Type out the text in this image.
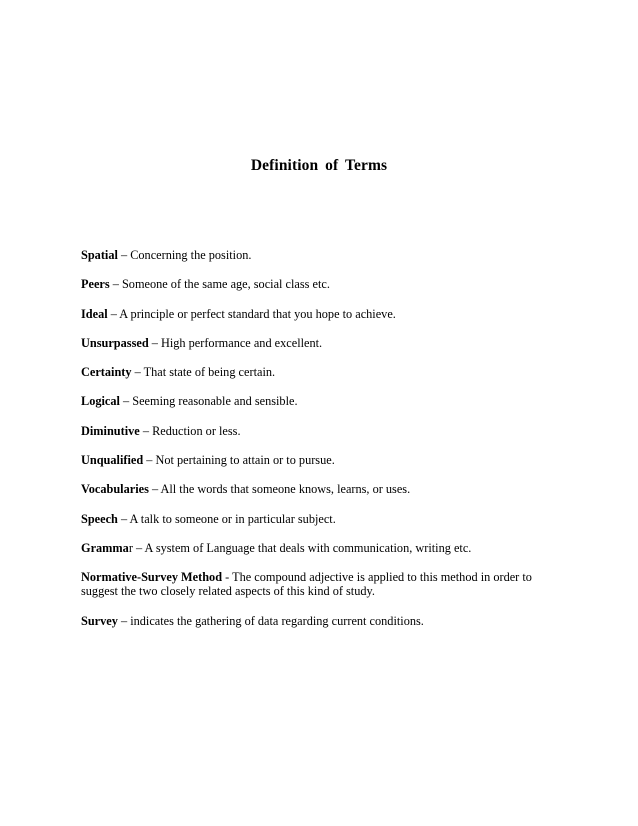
Definition of Terms
Spatial – Concerning the position.
Peers – Someone of the same age, social class etc.
Ideal – A principle or perfect standard that you hope to achieve.
Unsurpassed – High performance and excellent.
Certainty – That state of being certain.
Logical – Seeming reasonable and sensible.
Diminutive – Reduction or less.
Unqualified – Not pertaining to attain or to pursue.
Vocabularies – All the words that someone knows, learns, or uses.
Speech – A talk to someone or in particular subject.
Grammar – A system of Language that deals with communication, writing etc.
Normative-Survey Method - The compound adjective is applied to this method in order to suggest the two closely related aspects of this kind of study.
Survey – indicates the gathering of data regarding current conditions.
